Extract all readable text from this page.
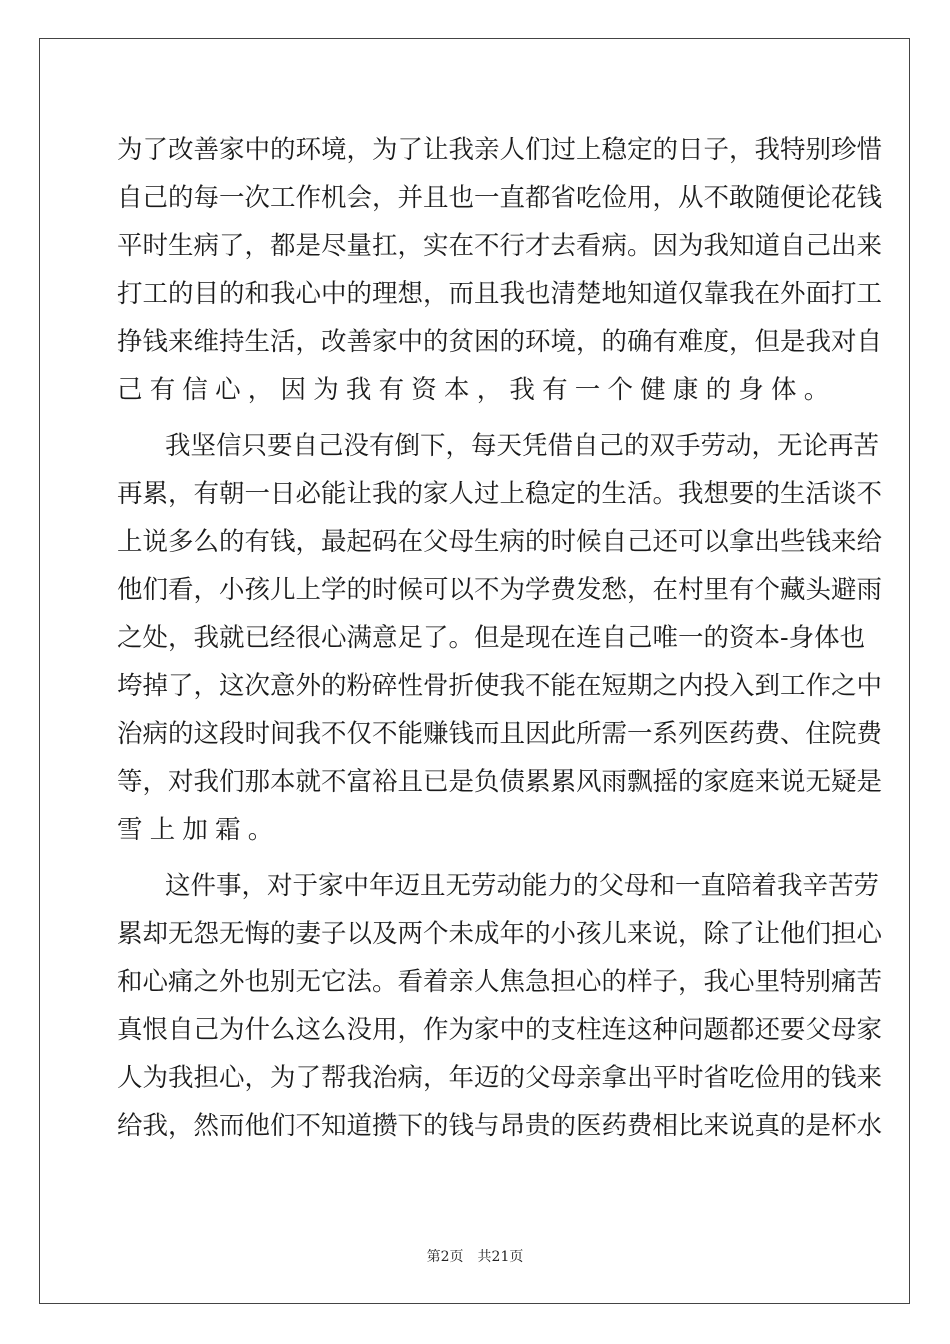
为了改善家中的环境，为了让我亲人们过上稳定的日子，我特别珍惜
自己的每一次工作机会，并且也一直都省吃俭用，从不敢随便论花钱
平时生病了，都是尽量扛，实在不行才去看病。因为我知道自己出来
打工的目的和我心中的理想，而且我也清楚地知道仅靠我在外面打工
挣钱来维持生活，改善家中的贫困的环境，的确有难度，但是我对自
己有信心，因为我有资本，我有一个健康的身体。
我坚信只要自己没有倒下，每天凭借自己的双手劳动，无论再苦
再累，有朝一日必能让我的家人过上稳定的生活。我想要的生活谈不
上说多么的有钱，最起码在父母生病的时候自己还可以拿出些钱来给
他们看，小孩儿上学的时候可以不为学费发愁，在村里有个藏头避雨
之处，我就已经很心满意足了。但是现在连自己唯一的资本-身体也
垮掉了，这次意外的粉碎性骨折使我不能在短期之内投入到工作之中
治病的这段时间我不仅不能赚钱而且因此所需一系列医药费、住院费
等，对我们那本就不富裕且已是负债累累风雨飘摇的家庭来说无疑是
雪上加霜。
这件事，对于家中年迈且无劳动能力的父母和一直陪着我辛苦劳
累却无怨无悔的妻子以及两个未成年的小孩儿来说，除了让他们担心
和心痛之外也别无它法。看着亲人焦急担心的样子，我心里特别痛苦
真恨自己为什么这么没用，作为家中的支柱连这种问题都还要父母家
人为我担心，为了帮我治病，年迈的父母亲拿出平时省吃俭用的钱来
给我，然而他们不知道攒下的钱与昂贵的医药费相比来说真的是杯水
第2页 共21页
